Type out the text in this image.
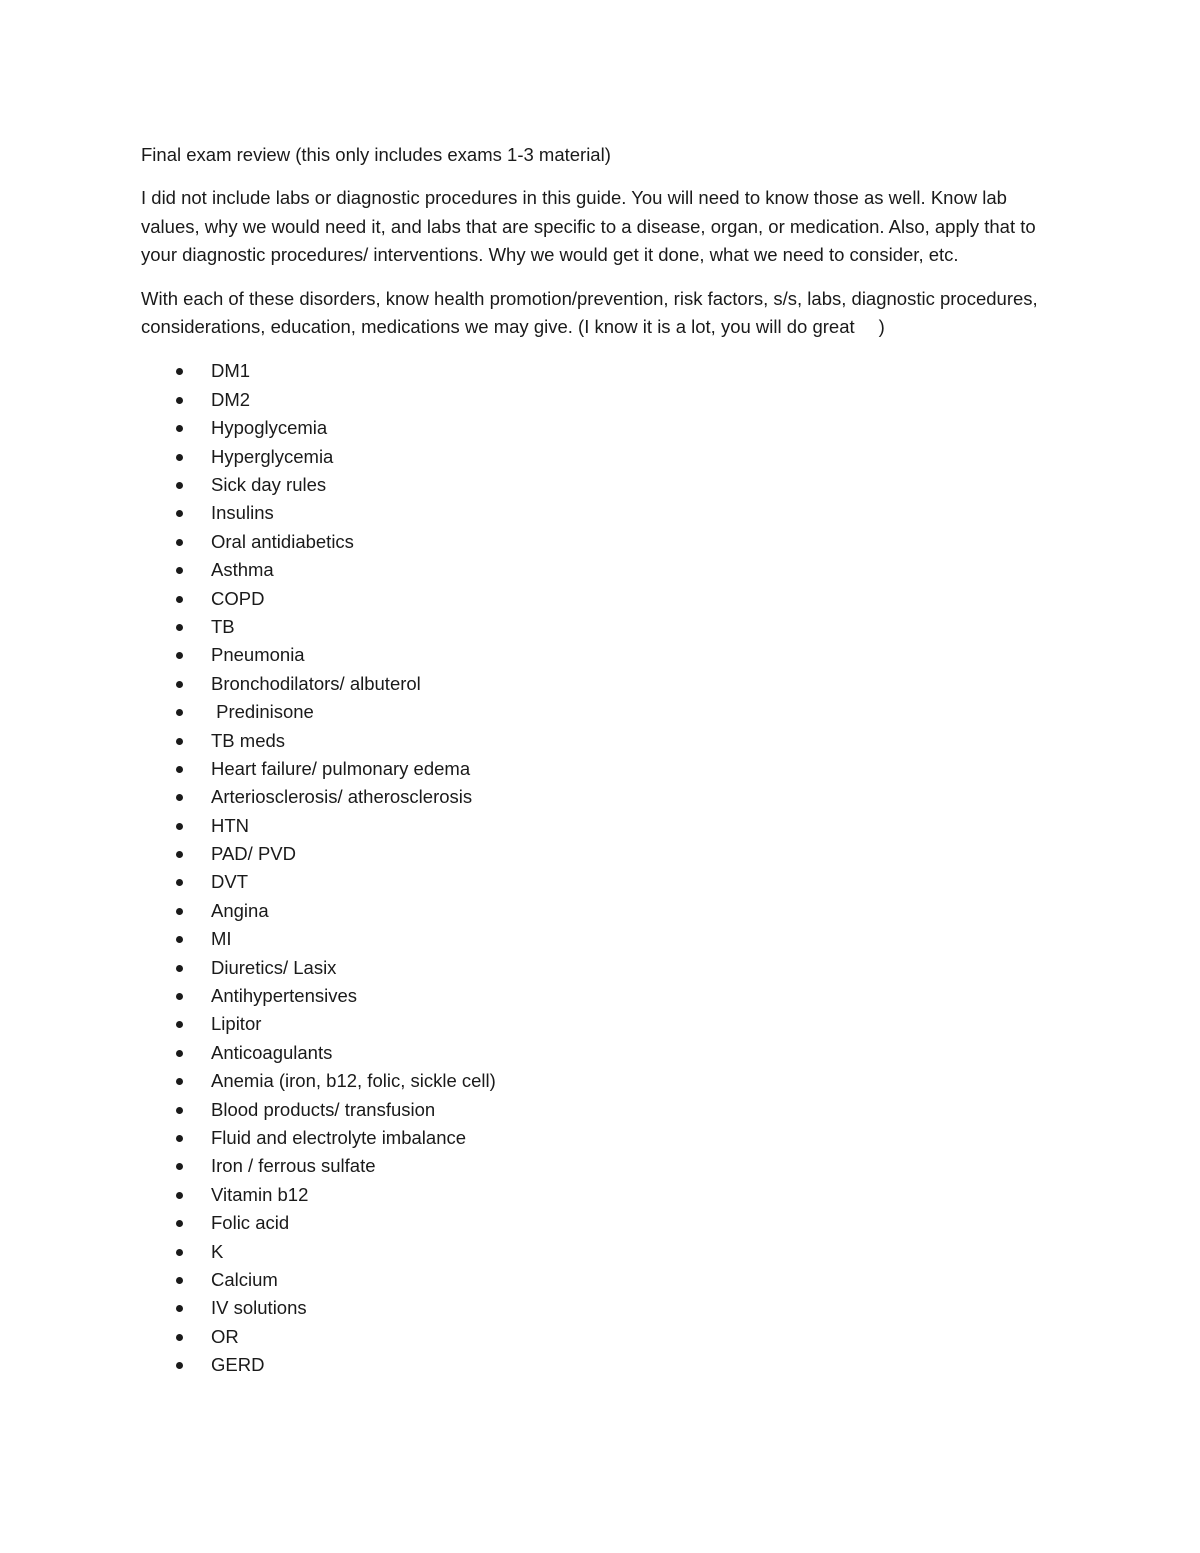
Final exam review (this only includes exams 1-3 material)

I did not include labs or diagnostic procedures in this guide. You will need to know those as well. Know lab values, why we would need it, and labs that are specific to a disease, organ, or medication. Also, apply that to your diagnostic procedures/ interventions. Why we would get it done, what we need to consider, etc.

With each of these disorders, know health promotion/prevention, risk factors, s/s, labs, diagnostic procedures, considerations, education, medications we may give. (I know it is a lot, you will do great )

DM1
DM2
Hypoglycemia
Hyperglycemia
Sick day rules
Insulins
Oral antidiabetics
Asthma
COPD
TB
Pneumonia
Bronchodilators/ albuterol
Predinisone
TB meds
Heart failure/ pulmonary edema
Arteriosclerosis/ atherosclerosis
HTN
PAD/ PVD
DVT
Angina
MI
Diuretics/ Lasix
Antihypertensives
Lipitor
Anticoagulants
Anemia (iron, b12, folic, sickle cell)
Blood products/ transfusion
Fluid and electrolyte imbalance
Iron / ferrous sulfate
Vitamin b12
Folic acid
K
Calcium
IV solutions
OR
GERD
